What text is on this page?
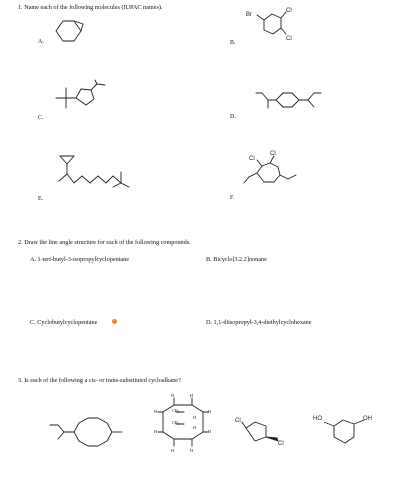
1. Name each of the following molecules (IUPAC names).
A.	B.
C.	D.
E.	F.
Br
Cl
Cl
Cl
Cl
2. Draw the line angle structure for each of the following compounds.
A. 1-tert-butyl-3-isopropylcyclopentane	B. Bicyclo[3.2.2]nonane
C. Cyclobutylcyclopentane	D. 1,1-diisopropyl-3,4-diethylcyclohexane
3. Is each of the following a cis- or trans-substituted cycloalkane?
H	H
H
H
H
H
H	H
H
H
$CH_3$
$CH_3$	Cl
Cl
HO	OH
